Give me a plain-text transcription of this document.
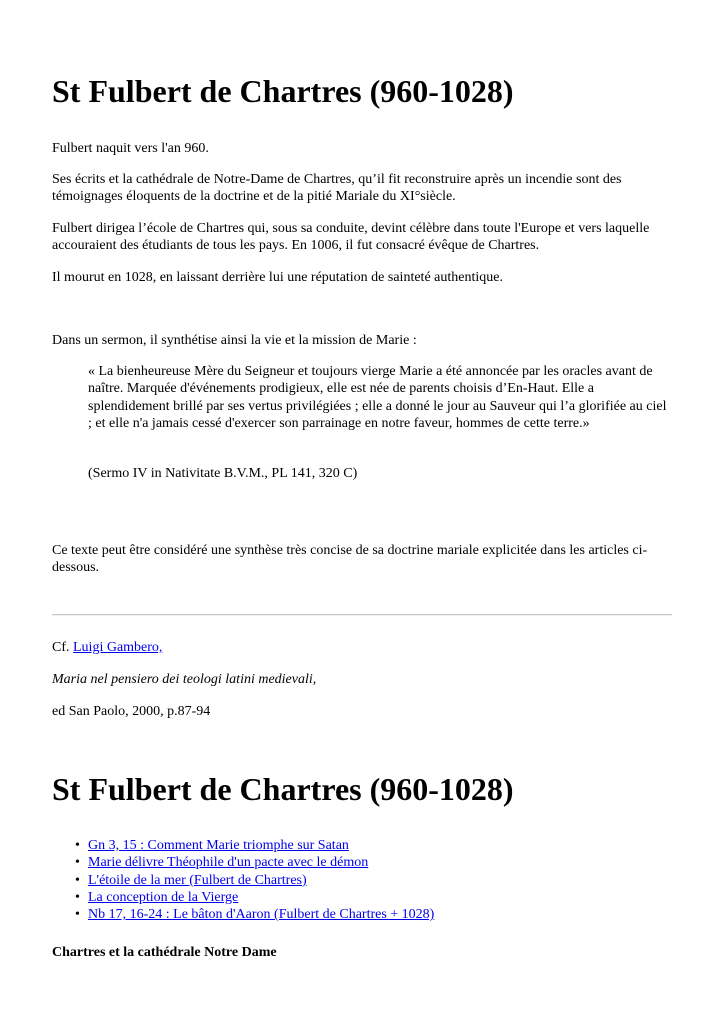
St Fulbert de Chartres (960-1028)

Fulbert naquit vers l'an 960.

Ses écrits et la cathédrale de Notre-Dame de Chartres, qu’il fit reconstruire après un incendie sont des témoignages éloquents de la doctrine et de la pitié Mariale du XI°siècle.

Fulbert dirigea l’école de Chartres qui, sous sa conduite, devint célèbre dans toute l'Europe et vers laquelle accouraient des étudiants de tous les pays. En 1006, il fut consacré évêque de Chartres.

Il mourut en 1028, en laissant derrière lui une réputation de sainteté authentique.

Dans un sermon, il synthétise ainsi la vie et la mission de Marie :

« La bienheureuse Mère du Seigneur et toujours vierge Marie a été annoncée par les oracles avant de naître. Marquée d'événements prodigieux, elle est née de parents choisis d’En-Haut. Elle a splendidement brillé par ses vertus privilégiées ; elle a donné le jour au Sauveur qui l’a glorifiée au ciel ; et elle n'a jamais cessé d'exercer son parrainage en notre faveur, hommes de cette terre.»

(Sermo IV in Nativitate B.V.M., PL 141, 320 C)

Ce texte peut être considéré une synthèse très concise de sa doctrine mariale explicitée dans les articles ci-dessous.

Cf. Luigi Gambero,

Maria nel pensiero dei teologi latini medievali,

ed San Paolo, 2000, p.87-94

St Fulbert de Chartres (960-1028)
• Gn 3, 15 : Comment Marie triomphe sur Satan
• Marie délivre Théophile d'un pacte avec le démon
• L'étoile de la mer (Fulbert de Chartres)
• La conception de la Vierge
• Nb 17, 16-24 : Le bâton d'Aaron (Fulbert de Chartres + 1028)

Chartres et la cathédrale Notre Dame
